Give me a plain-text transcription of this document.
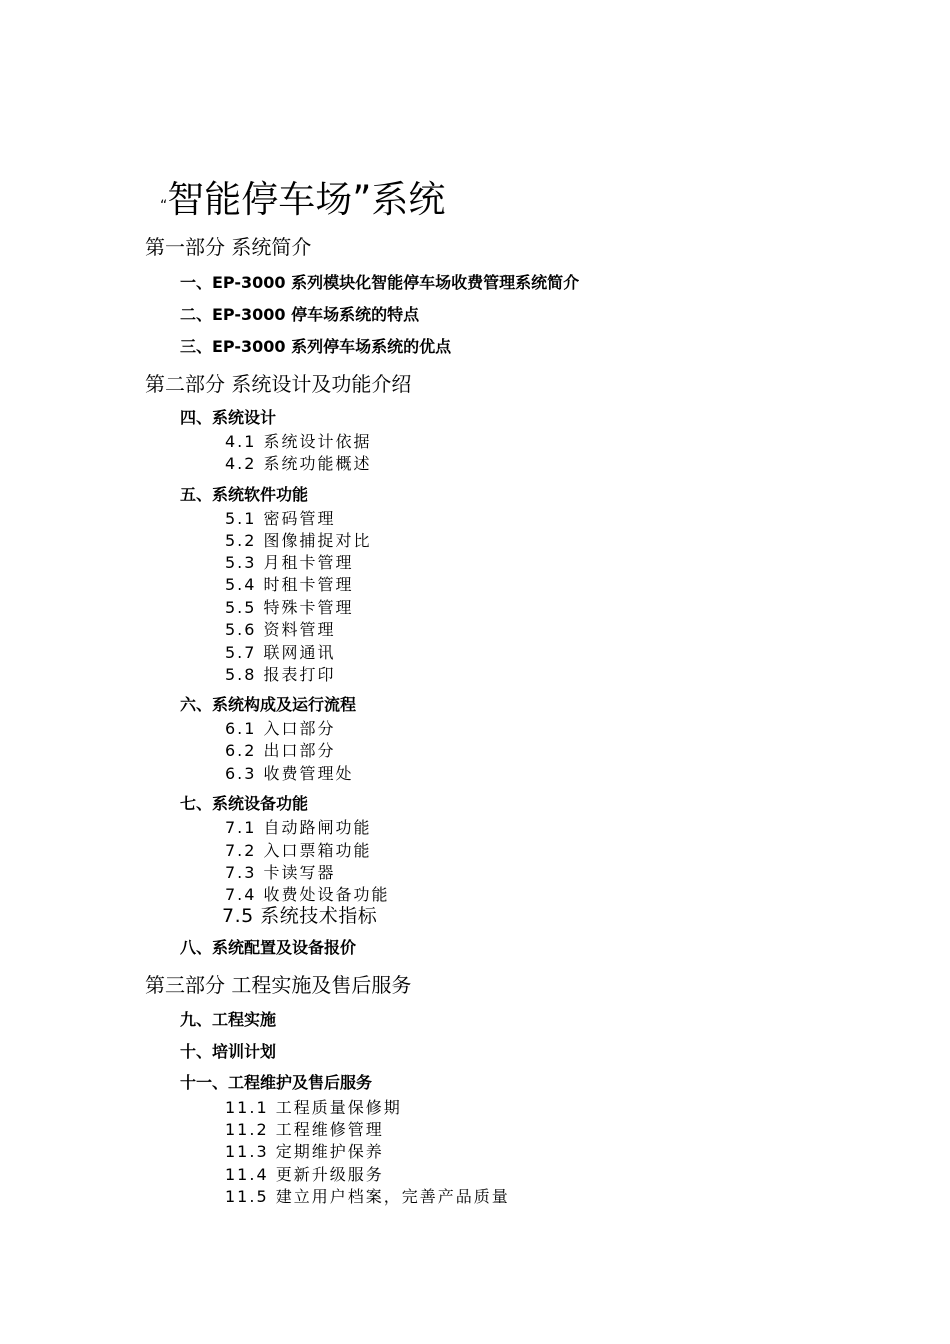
“智能停车场”系统
第一部分 系统简介
一、EP-3000 系列模块化智能停车场收费管理系统简介
二、EP-3000 停车场系统的特点
三、EP-3000 系列停车场系统的优点
第二部分 系统设计及功能介绍
四、系统设计
4.1 系统设计依据
4.2 系统功能概述
五、系统软件功能
5.1 密码管理
5.2 图像捕捉对比
5.3 月租卡管理
5.4 时租卡管理
5.5 特殊卡管理
5.6 资料管理
5.7 联网通讯
5.8 报表打印
六、系统构成及运行流程
6.1 入口部分
6.2 出口部分
6.3 收费管理处
七、系统设备功能
7.1 自动路闸功能
7.2 入口票箱功能
7.3 卡读写器
7.4 收费处设备功能
7.5 系统技术指标
八、系统配置及设备报价
第三部分 工程实施及售后服务
九、工程实施
十、培训计划
十一、工程维护及售后服务
11.1 工程质量保修期
11.2 工程维修管理
11.3 定期维护保养
11.4 更新升级服务
11.5 建立用户档案，完善产品质量
